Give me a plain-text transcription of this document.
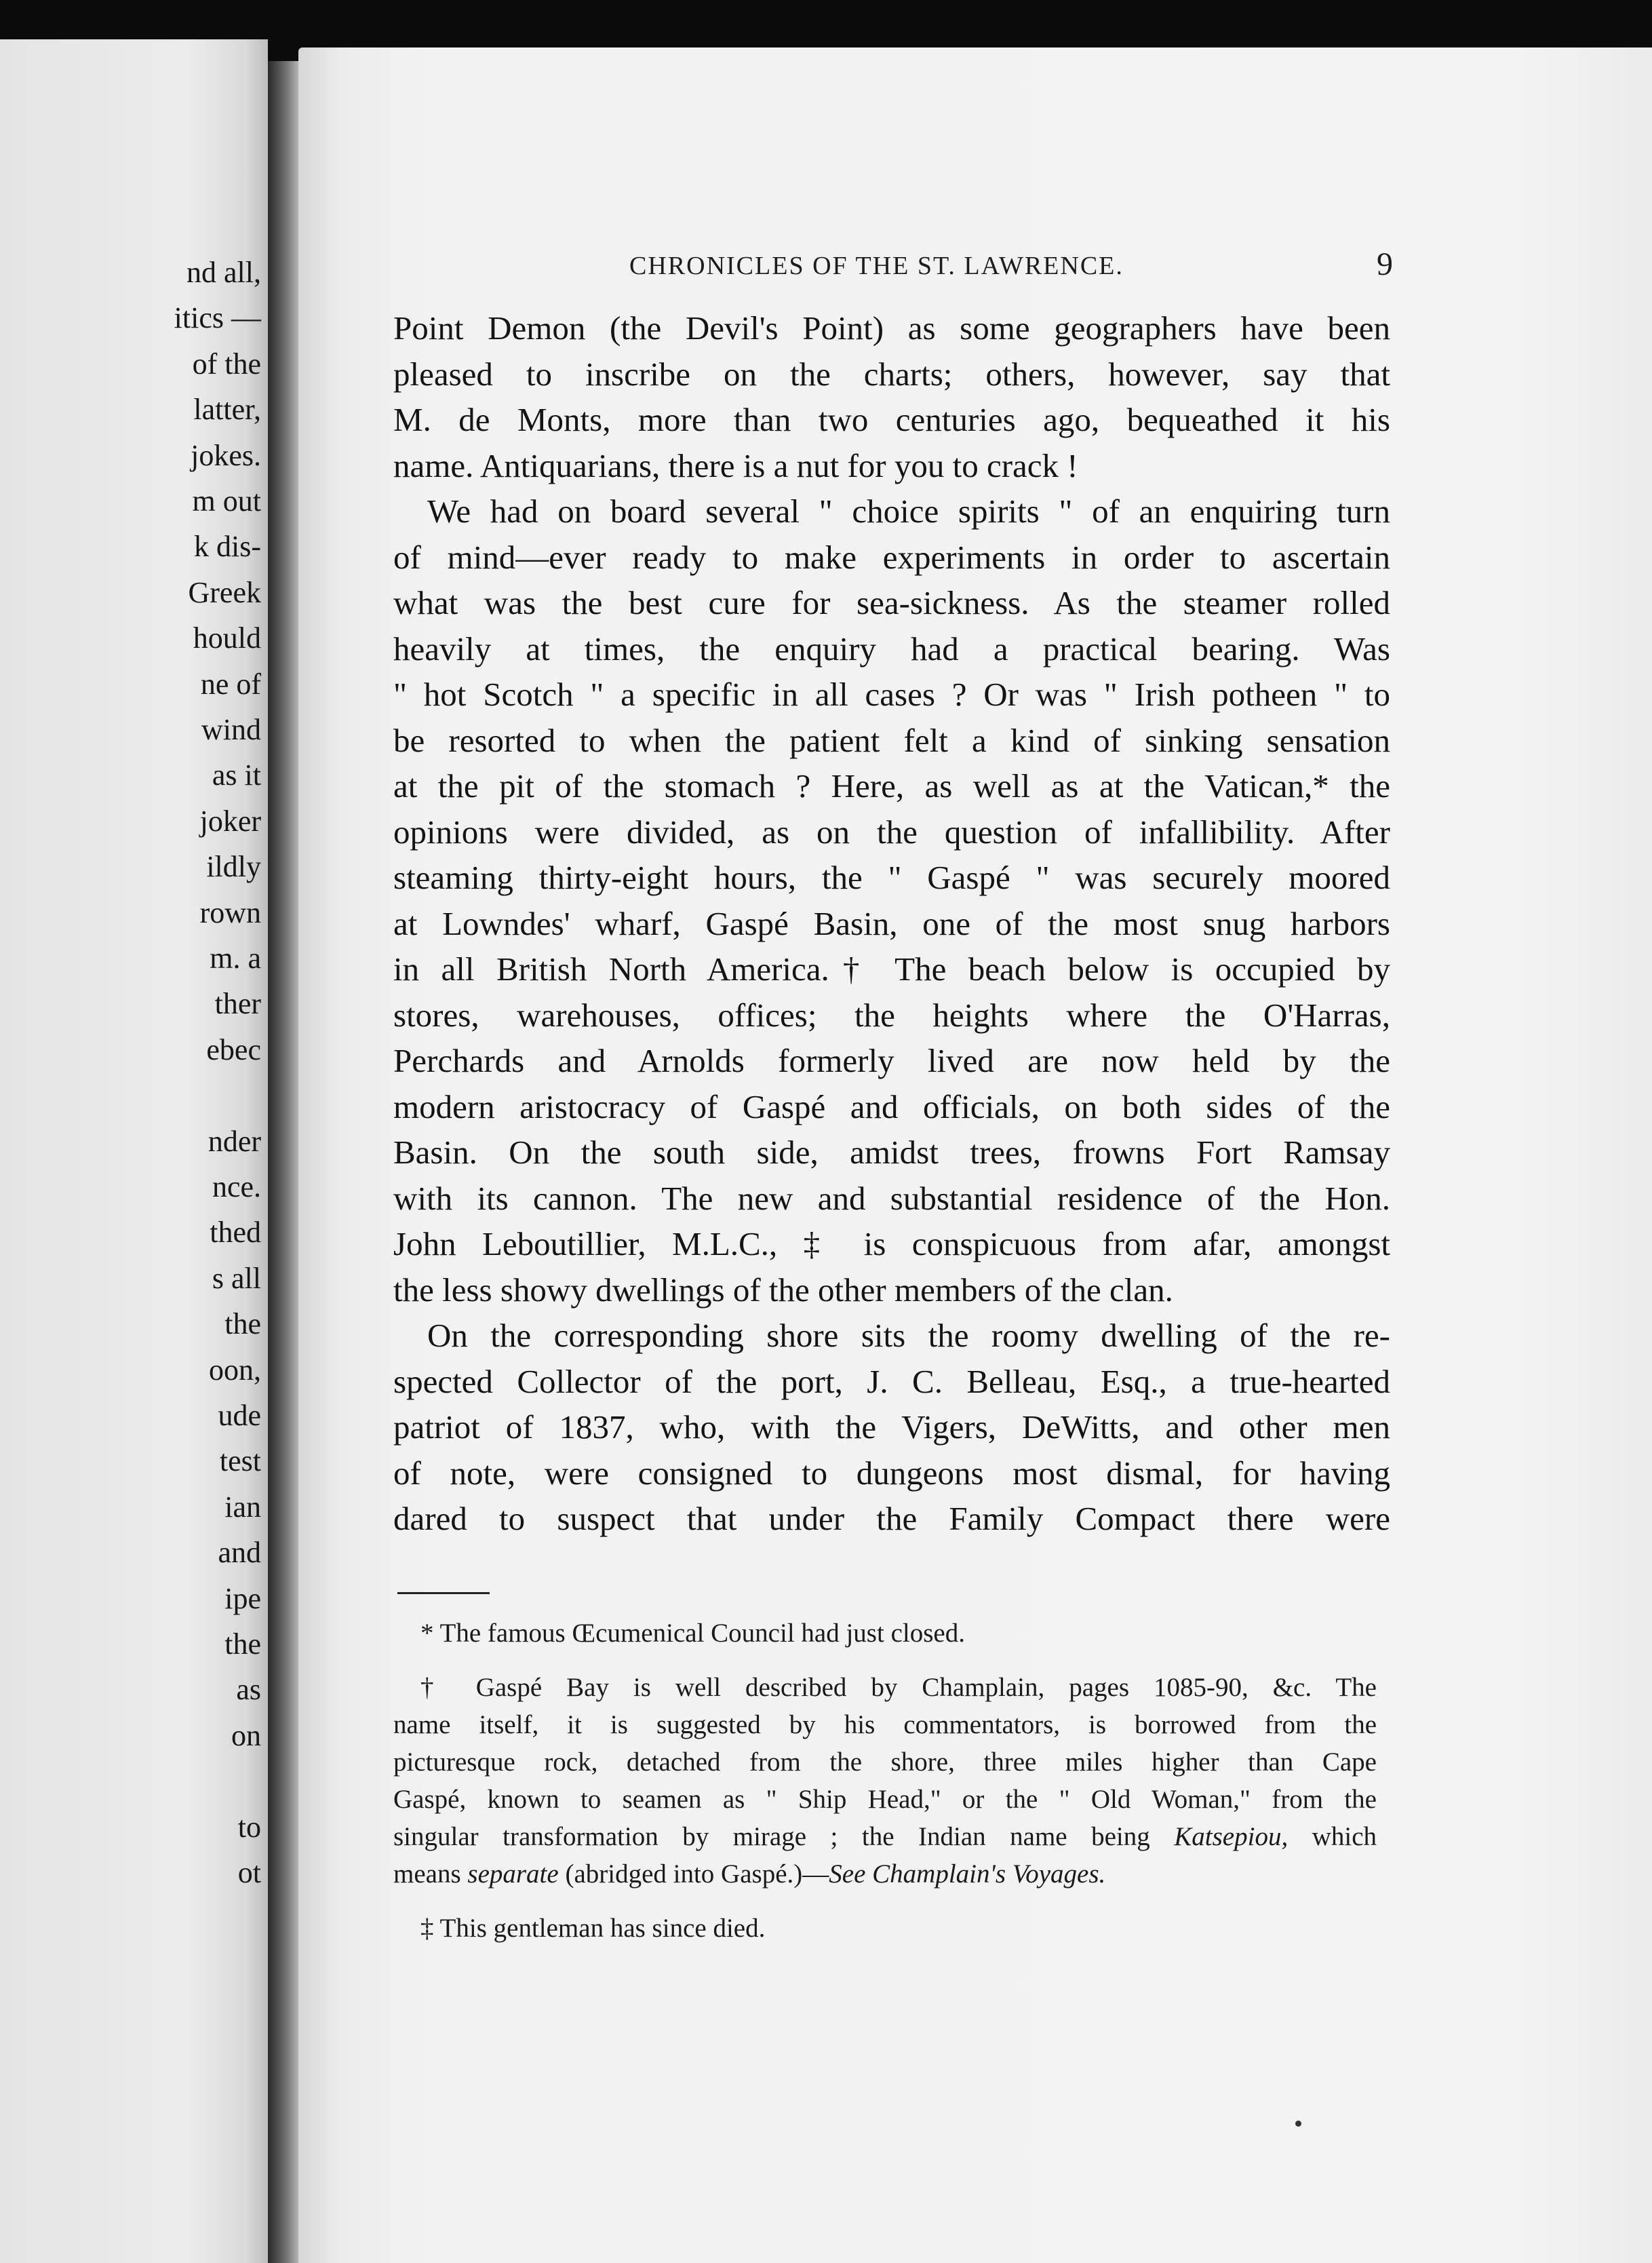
nd all,
itics —
of the
latter,
jokes.
m out
k dis-
Greek
hould
ne of
wind
as it
joker
ildly
rown
m. a
ther
ebec
nder
nce.
thed
s all
the
oon,
ude
test
ian
and
ipe
the
as
on
to
ot
CHRONICLES OF THE ST. LAWRENCE.	9
Point Demon (the Devil's Point) as some geographers have been
pleased to inscribe on the charts; others, however, say that
M. de Monts, more than two centuries ago, bequeathed it his
name. Antiquarians, there is a nut for you to crack !
We had on board several " choice spirits " of an enquiring turn
of mind—ever ready to make experiments in order to ascertain
what was the best cure for sea-sickness. As the steamer rolled
heavily at times, the enquiry had a practical bearing. Was
" hot Scotch " a specific in all cases ? Or was " Irish potheen " to
be resorted to when the patient felt a kind of sinking sensation
at the pit of the stomach ? Here, as well as at the Vatican,* the
opinions were divided, as on the question of infallibility. After
steaming thirty-eight hours, the " Gaspé " was securely moored
at Lowndes' wharf, Gaspé Basin, one of the most snug harbors
in all British North America.† The beach below is occupied by
stores, warehouses, offices; the heights where the O'Harras,
Perchards and Arnolds formerly lived are now held by the
modern aristocracy of Gaspé and officials, on both sides of the
Basin. On the south side, amidst trees, frowns Fort Ramsay
with its cannon. The new and substantial residence of the Hon.
John Leboutillier, M.L.C., ‡ is conspicuous from afar, amongst
the less showy dwellings of the other members of the clan.
On the corresponding shore sits the roomy dwelling of the re-
spected Collector of the port, J. C. Belleau, Esq., a true-hearted
patriot of 1837, who, with the Vigers, DeWitts, and other men
of note, were consigned to dungeons most dismal, for having
dared to suspect that under the Family Compact there were
* The famous Œcumenical Council had just closed.
† Gaspé Bay is well described by Champlain, pages 1085-90, &c. The
name itself, it is suggested by his commentators, is borrowed from the
picturesque rock, detached from the shore, three miles higher than Cape
Gaspé, known to seamen as " Ship Head," or the " Old Woman," from the
singular transformation by mirage ; the Indian name being Katsepiou, which
means separate (abridged into Gaspé.)—See Champlain's Voyages.
‡ This gentleman has since died.
